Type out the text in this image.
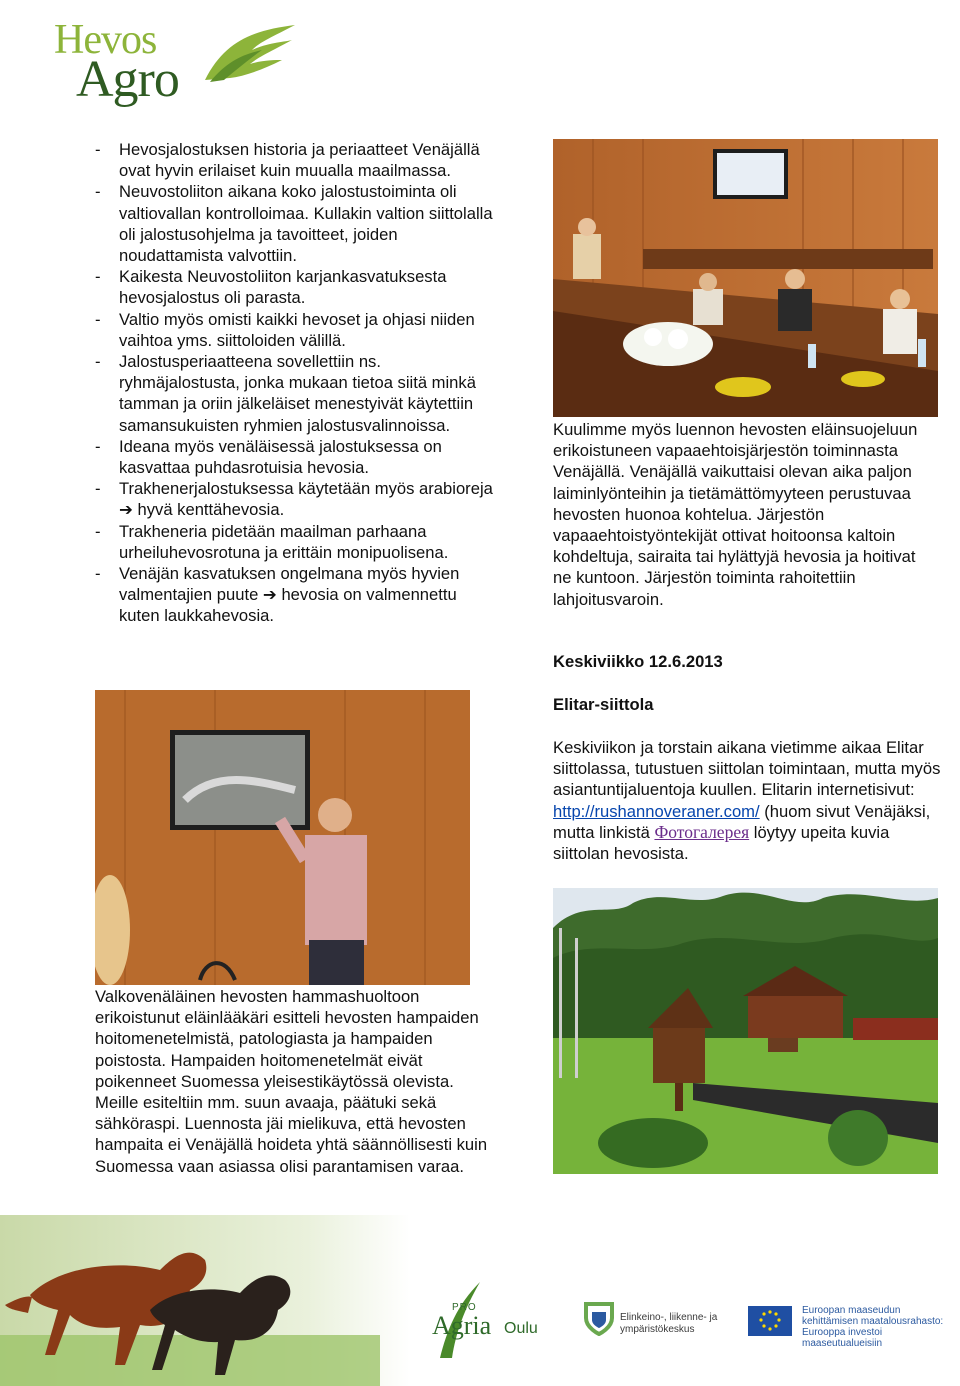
Hevos
Agro
- Hevosjalostuksen historia ja periaatteet Venäjällä ovat hyvin erilaiset kuin muualla maailmassa.
- Neuvostoliiton aikana koko jalostustoiminta oli valtiovallan kontrolloimaa. Kullakin valtion siittolalla oli jalostusohjelma ja tavoitteet, joiden noudattamista valvottiin.
- Kaikesta Neuvostoliiton karjankasvatuksesta hevosjalostus oli parasta.
- Valtio myös omisti kaikki hevoset ja ohjasi niiden vaihtoa yms. siittoloiden välillä.
- Jalostusperiaatteena sovellettiin ns. ryhmäjalostusta, jonka mukaan tietoa siitä minkä tamman ja oriin jälkeläiset menestyivät käytettiin samansukuisten ryhmien jalostusvalinnoissa.
- Ideana myös venäläisessä jalostuksessa on kasvattaa puhdasrotuisia hevosia.
- Trakhenerjalostuksessa käytetään myös arabioreja ➔ hyvä kenttähevosia.
- Trakheneria pidetään maailman parhaana urheiluhevosrotuna ja erittäin monipuolisena.
- Venäjän kasvatuksen ongelmana myös hyvien valmentajien puute ➔ hevosia on valmennettu kuten laukkahevosia.

Kuulimme myös luennon hevosten eläinsuojeluun erikoistuneen vapaaehtoisjärjestön toiminnasta Venäjällä. Venäjällä vaikuttaisi olevan aika paljon laiminlyönteihin ja tietämättömyyteen perustuvaa hevosten huonoa kohtelua. Järjestön vapaaehtoistyöntekijät ottivat hoitoonsa kaltoin kohdeltuja, sairaita tai hylättyjä hevosia ja hoitivat ne kuntoon. Järjestön toiminta rahoitettiin lahjoitusvaroin.

Valkovenäläinen hevosten hammashuoltoon erikoistunut eläinlääkäri esitteli hevosten hampaiden hoitomenetelmistä, patologiasta ja hampaiden poistosta. Hampaiden hoitomenetelmät eivät poikenneet Suomessa yleisestikäytössä olevista. Meille esiteltiin mm. suun avaaja, päätuki sekä sähköraspi. Luennosta jäi mielikuva, että hevosten hampaita ei Venäjällä hoideta yhtä säännöllisesti kuin Suomessa vaan asiassa olisi parantamisen varaa.

Keskiviikko 12.6.2013
Elitar-siittola

Keskiviikon ja torstain aikana vietimme aikaa Elitar siittolassa, tutustuen siittolan toimintaan, mutta myös asiantuntijaluentoja kuullen. Elitarin internetisivut: http://rushannoveraner.com/ (huom sivut Venäjäksi, mutta linkistä Фотогалерея löytyy upeita kuvia siittolan hevosista.

PRO
Agria Oulu
Elinkeino-, liikenne- ja
ympäristökeskus
Euroopan maaseudun
kehittämisen maatalousrahasto:
Eurooppa investoi maaseutualueisiin
